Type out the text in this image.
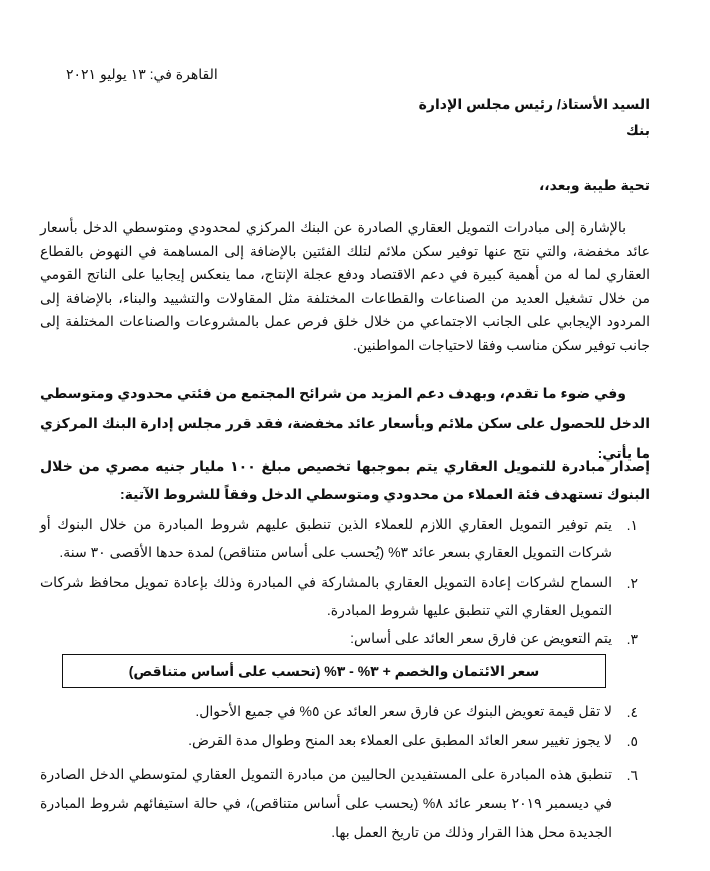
القاهرة في: ١٣ يوليو ٢٠٢١
السيد الأستاذ/ رئيس مجلس الإدارة
بنك
تحية طيبة وبعد،،
بالإشارة إلى مبادرات التمويل العقاري الصادرة عن البنك المركزي لمحدودي ومتوسطي الدخل بأسعار عائد مخفضة، والتي نتج عنها توفير سكن ملائم لتلك الفئتين بالإضافة إلى المساهمة في النهوض بالقطاع العقاري لما له من أهمية كبيرة في دعم الاقتصاد ودفع عجلة الإنتاج، مما ينعكس إيجابيا على الناتج القومي من خلال تشغيل العديد من الصناعات والقطاعات المختلفة مثل المقاولات والتشييد والبناء، بالإضافة إلى المردود الإيجابي على الجانب الاجتماعي من خلال خلق فرص عمل بالمشروعات والصناعات المختلفة إلى جانب توفير سكن مناسب وفقا لاحتياجات المواطنين.
وفي ضوء ما تقدم، وبهدف دعم المزيد من شرائح المجتمع من فئتي محدودي ومتوسطي الدخل للحصول على سكن ملائم وبأسعار عائد مخفضة، فقد قرر مجلس إدارة البنك المركزي ما يأتي:
إصدار مبادرة للتمويل العقاري يتم بموجبها تخصيص مبلغ ١٠٠ مليار جنيه مصري من خلال البنوك تستهدف فئة العملاء من محدودي ومتوسطي الدخل وفقاً للشروط الآتية:
١.
يتم توفير التمويل العقاري اللازم للعملاء الذين تنطبق عليهم شروط المبادرة من خلال البنوك أو شركات التمويل العقاري بسعر عائد ٣% (يُحسب على أساس متناقص) لمدة حدها الأقصى ٣٠ سنة.
٢.
السماح لشركات إعادة التمويل العقاري بالمشاركة في المبادرة وذلك بإعادة تمويل محافظ شركات التمويل العقاري التي تنطبق عليها شروط المبادرة.
٣.
يتم التعويض عن فارق سعر العائد على أساس:
سعر الائتمان والخصم + ٣% - ٣% (تحسب على أساس متناقص)
٤.
لا تقل قيمة تعويض البنوك عن فارق سعر العائد عن ٥% في جميع الأحوال.
٥.
لا يجوز تغيير سعر العائد المطبق على العملاء بعد المنح وطوال مدة القرض.
٦.
تنطبق هذه المبادرة على المستفيدين الحاليين من مبادرة التمويل العقاري لمتوسطي الدخل الصادرة في ديسمبر ٢٠١٩ بسعر عائد ٨% (يحسب على أساس متناقص)، في حالة استيفائهم شروط المبادرة الجديدة محل هذا القرار وذلك من تاريخ العمل بها.
